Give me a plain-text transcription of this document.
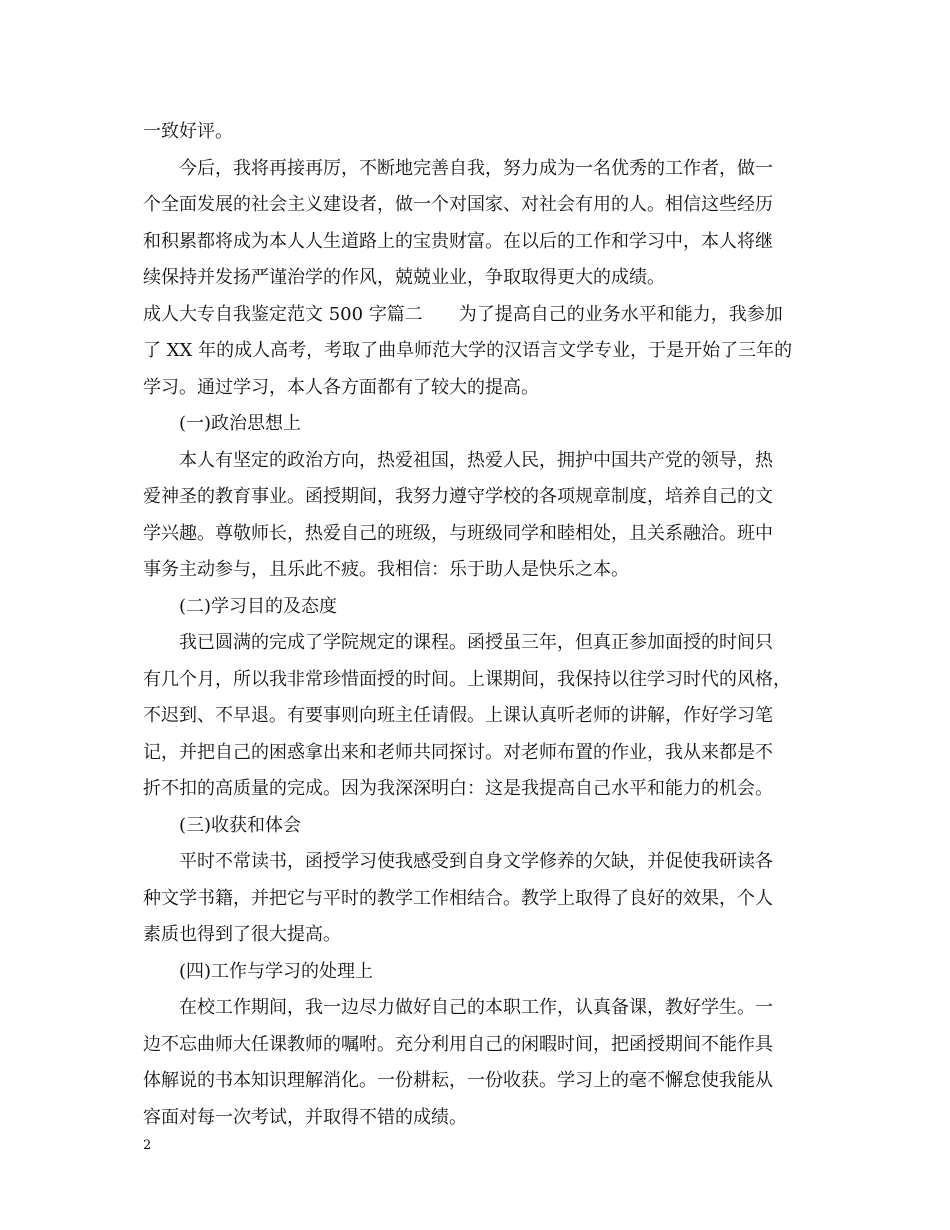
一致好评。
今后，我将再接再厉，不断地完善自我，努力成为一名优秀的工作者，做一
个全面发展的社会主义建设者，做一个对国家、对社会有用的人。相信这些经历
和积累都将成为本人人生道路上的宝贵财富。在以后的工作和学习中，本人将继
续保持并发扬严谨治学的作风，兢兢业业，争取取得更大的成绩。
成人大专自我鉴定范文 500 字篇二　　为了提高自己的业务水平和能力，我参加
了 XX 年的成人高考，考取了曲阜师范大学的汉语言文学专业，于是开始了三年的
学习。通过学习，本人各方面都有了较大的提高。
(一)政治思想上
本人有坚定的政治方向，热爱祖国，热爱人民，拥护中国共产党的领导，热
爱神圣的教育事业。函授期间，我努力遵守学校的各项规章制度，培养自己的文
学兴趣。尊敬师长，热爱自己的班级，与班级同学和睦相处，且关系融洽。班中
事务主动参与，且乐此不疲。我相信：乐于助人是快乐之本。
(二)学习目的及态度
我已圆满的完成了学院规定的课程。函授虽三年，但真正参加面授的时间只
有几个月，所以我非常珍惜面授的时间。上课期间，我保持以往学习时代的风格，
不迟到、不早退。有要事则向班主任请假。上课认真听老师的讲解，作好学习笔
记，并把自己的困惑拿出来和老师共同探讨。对老师布置的作业，我从来都是不
折不扣的高质量的完成。因为我深深明白：这是我提高自己水平和能力的机会。
(三)收获和体会
平时不常读书，函授学习使我感受到自身文学修养的欠缺，并促使我研读各
种文学书籍，并把它与平时的教学工作相结合。教学上取得了良好的效果，个人
素质也得到了很大提高。
(四)工作与学习的处理上
在校工作期间，我一边尽力做好自己的本职工作，认真备课，教好学生。一
边不忘曲师大任课教师的嘱咐。充分利用自己的闲暇时间，把函授期间不能作具
体解说的书本知识理解消化。一份耕耘，一份收获。学习上的毫不懈怠使我能从
容面对每一次考试，并取得不错的成绩。
2
